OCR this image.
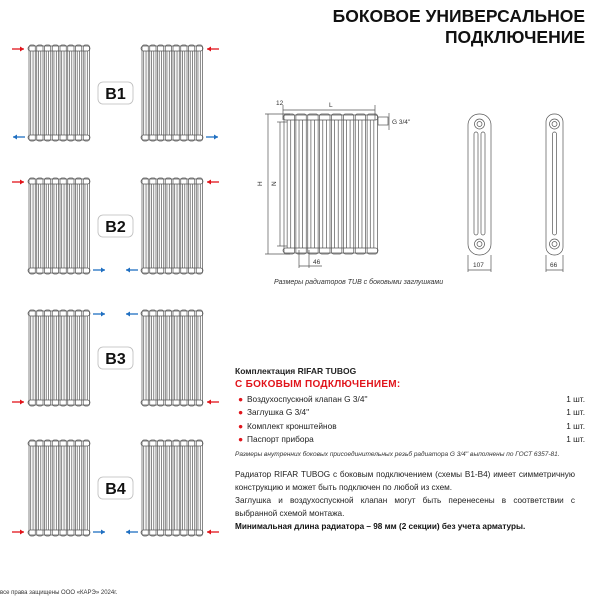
БОКОВОЕ УНИВЕРСАЛЬНОЕ
ПОДКЛЮЧЕНИЕ
B1
B2
B3
B4
12	L
H N
46
G 3/4''
107	66
Размеры радиаторов TUB с боковыми заглушками
Комплектация RIFAR TUBOG
С БОКОВЫМ ПОДКЛЮЧЕНИЕМ:
● Воздухоспускной клапан G 3/4''	1 шт.
● Заглушка G 3/4''	1 шт.
● Комплект кронштейнов	1 шт.
● Паспорт прибора	1 шт.
Размеры внутренних боковых присоединительных резьб радиатора G 3/4'' выполнены по ГОСТ 6357-81.
Радиатор RIFAR TUBOG с боковым подключением (схемы B1-B4) имеет симметричную конструкцию и может быть подключен по любой из схем.
Заглушка и воздухоспускной клапан могут быть перенесены в соответствии с выбранной схемой монтажа.
Минимальная длина радиатора – 98 мм (2 секции) без учета арматуры.
все права защищены ООО «КАРЭ» 2024г.
